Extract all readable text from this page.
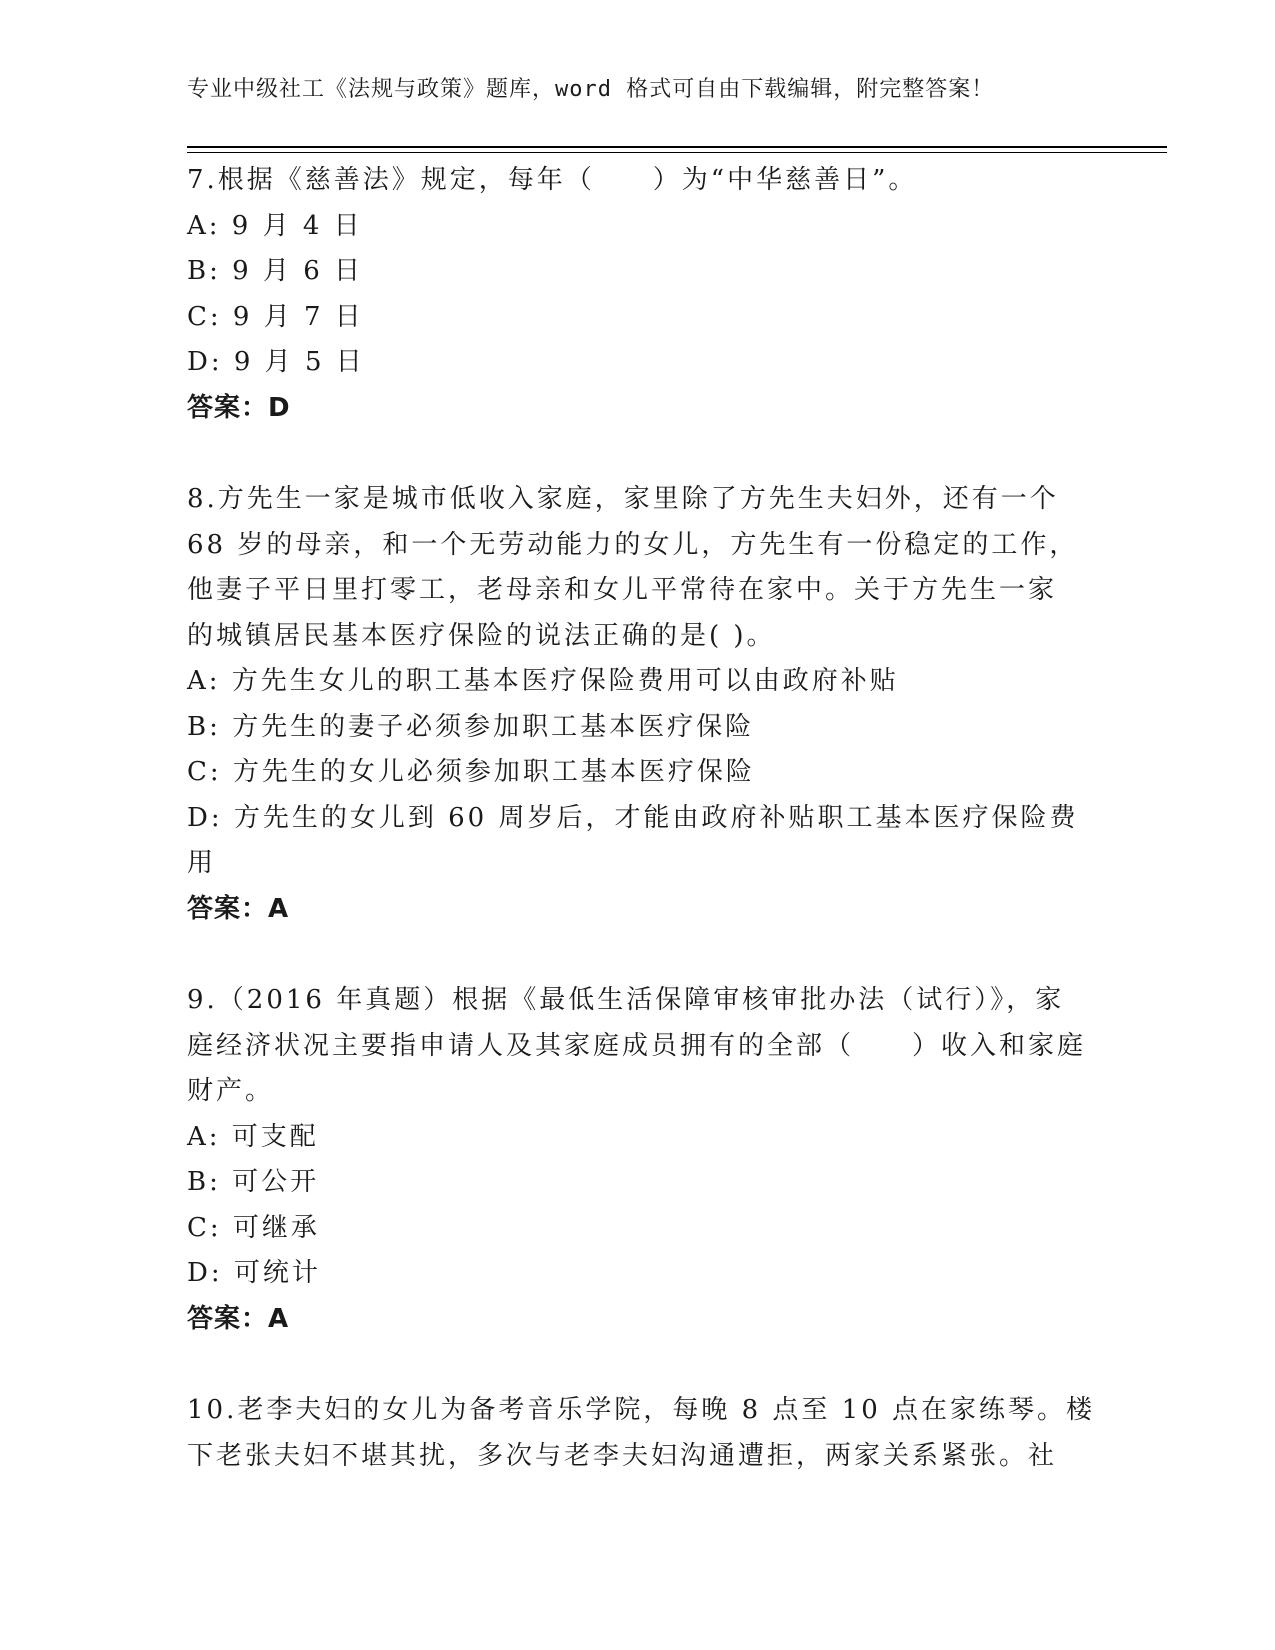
专业中级社工《法规与政策》题库，word 格式可自由下载编辑，附完整答案！
7.根据《慈善法》规定，每年（　　）为“中华慈善日”。
A: 9 月 4 日
B: 9 月 6 日
C: 9 月 7 日
D: 9 月 5 日
答案：D
8.方先生一家是城市低收入家庭，家里除了方先生夫妇外，还有一个
68 岁的母亲，和一个无劳动能力的女儿，方先生有一份稳定的工作，
他妻子平日里打零工，老母亲和女儿平常待在家中。关于方先生一家
的城镇居民基本医疗保险的说法正确的是( )。
A: 方先生女儿的职工基本医疗保险费用可以由政府补贴
B: 方先生的妻子必须参加职工基本医疗保险
C: 方先生的女儿必须参加职工基本医疗保险
D: 方先生的女儿到 60 周岁后，才能由政府补贴职工基本医疗保险费
用
答案：A
9.（2016 年真题）根据《最低生活保障审核审批办法（试行）》，家
庭经济状况主要指申请人及其家庭成员拥有的全部（　　）收入和家庭
财产。
A: 可支配
B: 可公开
C: 可继承
D: 可统计
答案：A
10.老李夫妇的女儿为备考音乐学院，每晚 8 点至 10 点在家练琴。楼
下老张夫妇不堪其扰，多次与老李夫妇沟通遭拒，两家关系紧张。社
